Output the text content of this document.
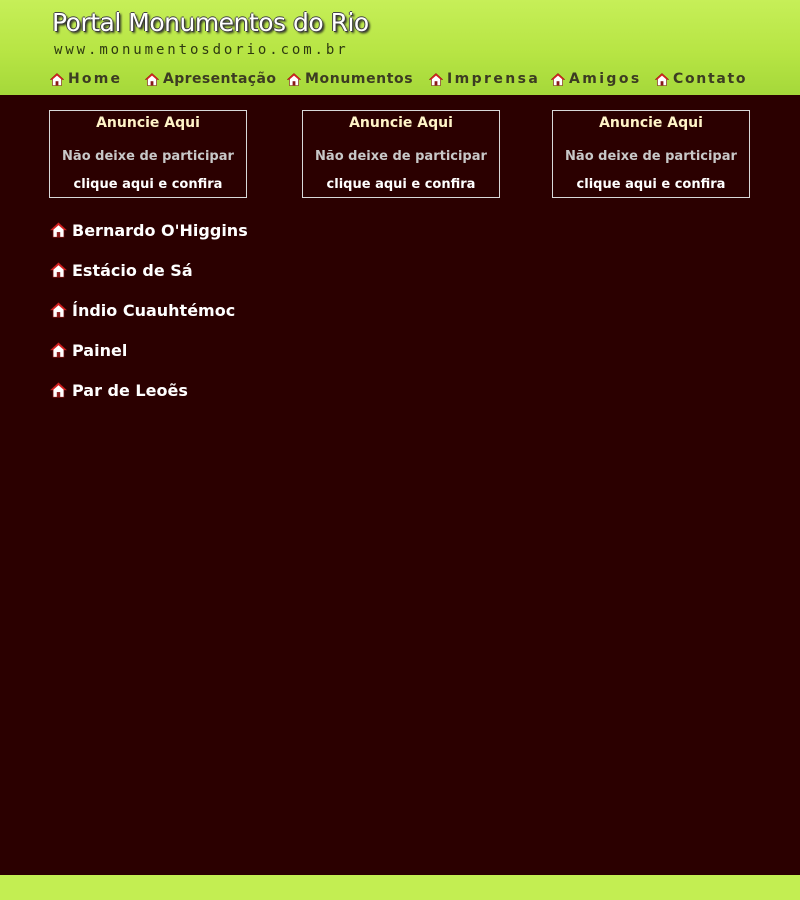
Portal Monumentos do Rio
www.monumentosdorio.com.br
Home	Apresentação Monumentos Imprensa Amigos Contato
Anuncie Aqui
Não deixe de participar
clique aqui e confira
Anuncie Aqui
Não deixe de participar
clique aqui e confira
Anuncie Aqui
Não deixe de participar
clique aqui e confira
Bernardo O'Higgins
Estácio de Sá
Índio Cuauhtémoc
Painel
Par de Leoẽs
